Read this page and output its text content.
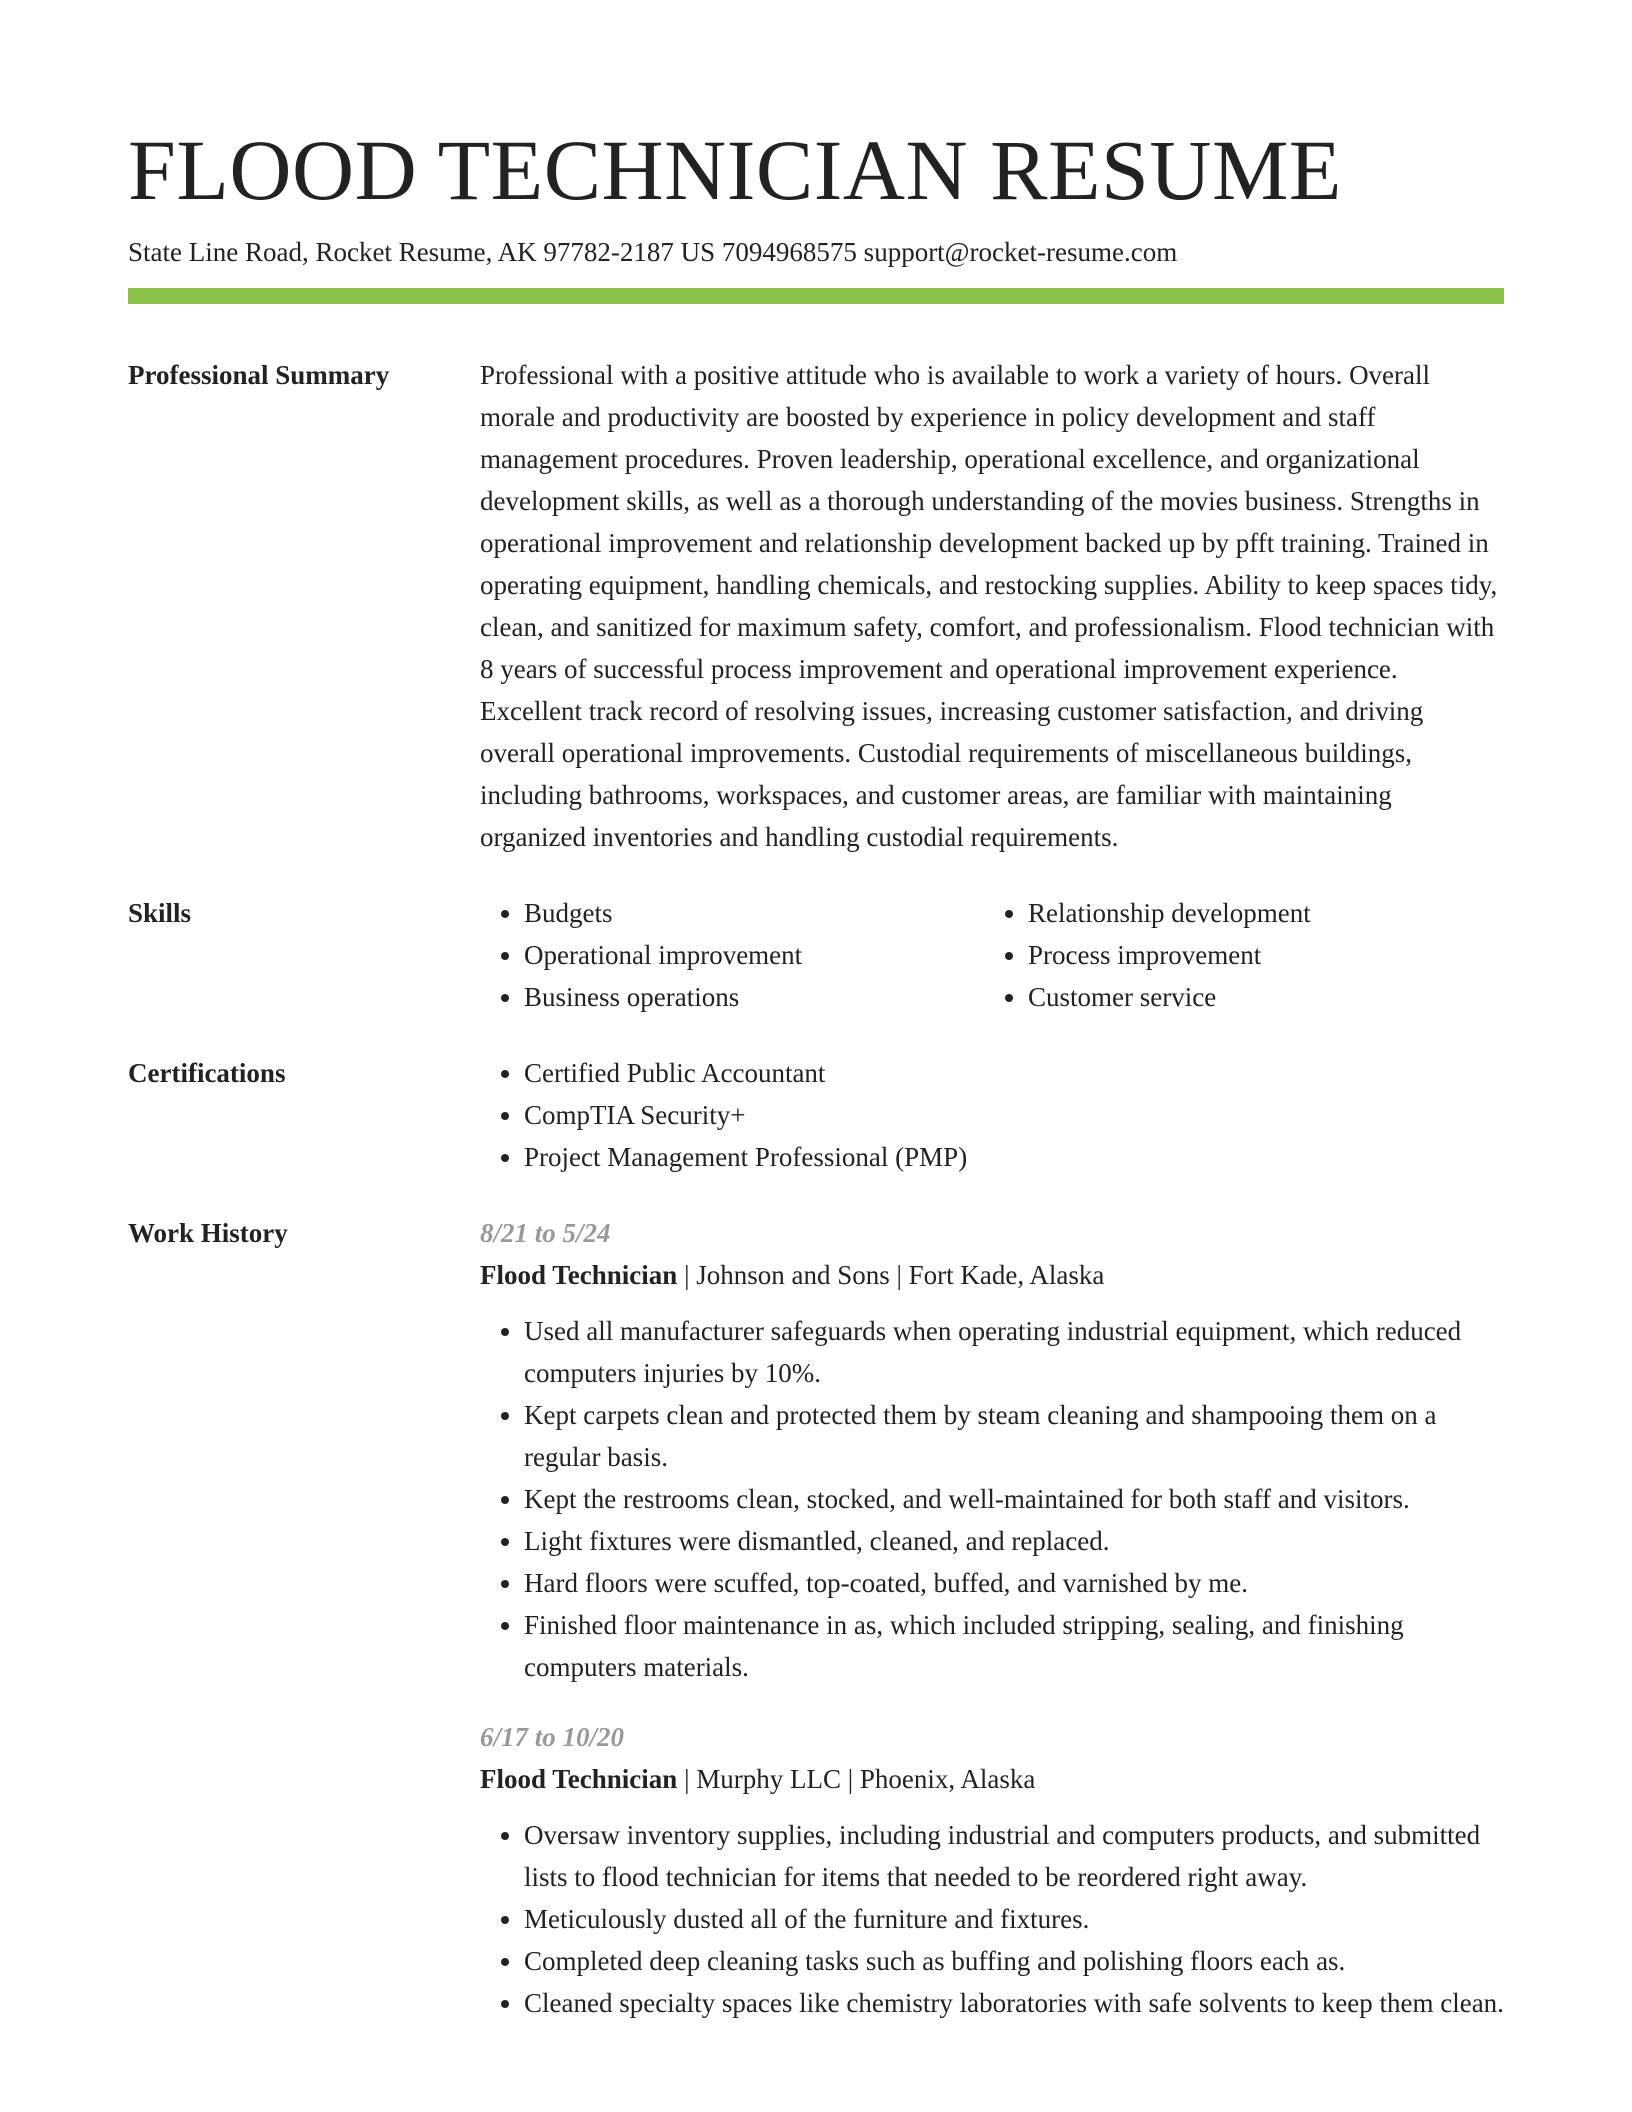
FLOOD TECHNICIAN RESUME
State Line Road, Rocket Resume, AK 97782-2187 US 7094968575 support@rocket-resume.com
Professional Summary	Professional with a positive attitude who is available to work a variety of hours. Overall morale and productivity are boosted by experience in policy development and staff management procedures. Proven leadership, operational excellence, and organizational development skills, as well as a thorough understanding of the movies business. Strengths in operational improvement and relationship development backed up by pfft training. Trained in operating equipment, handling chemicals, and restocking supplies. Ability to keep spaces tidy, clean, and sanitized for maximum safety, comfort, and professionalism. Flood technician with 8 years of successful process improvement and operational improvement experience. Excellent track record of resolving issues, increasing customer satisfaction, and driving overall operational improvements. Custodial requirements of miscellaneous buildings, including bathrooms, workspaces, and customer areas, are familiar with maintaining organized inventories and handling custodial requirements.

Skills	• Budgets
• Operational improvement
• Business operations
• Relationship development
• Process improvement
• Customer service
Certifications	• Certified Public Accountant
• CompTIA Security+
• Project Management Professional (PMP)
Work History	8/21 to 5/24
Flood Technician | Johnson and Sons | Fort Kade, Alaska
• Used all manufacturer safeguards when operating industrial equipment, which reduced computers injuries by 10%.
• Kept carpets clean and protected them by steam cleaning and shampooing them on a regular basis.
• Kept the restrooms clean, stocked, and well-maintained for both staff and visitors.
• Light fixtures were dismantled, cleaned, and replaced.
• Hard floors were scuffed, top-coated, buffed, and varnished by me.
• Finished floor maintenance in as, which included stripping, sealing, and finishing computers materials.
6/17 to 10/20
Flood Technician | Murphy LLC | Phoenix, Alaska
• Oversaw inventory supplies, including industrial and computers products, and submitted lists to flood technician for items that needed to be reordered right away.
• Meticulously dusted all of the furniture and fixtures.
• Completed deep cleaning tasks such as buffing and polishing floors each as.
• Cleaned specialty spaces like chemistry laboratories with safe solvents to keep them clean.
